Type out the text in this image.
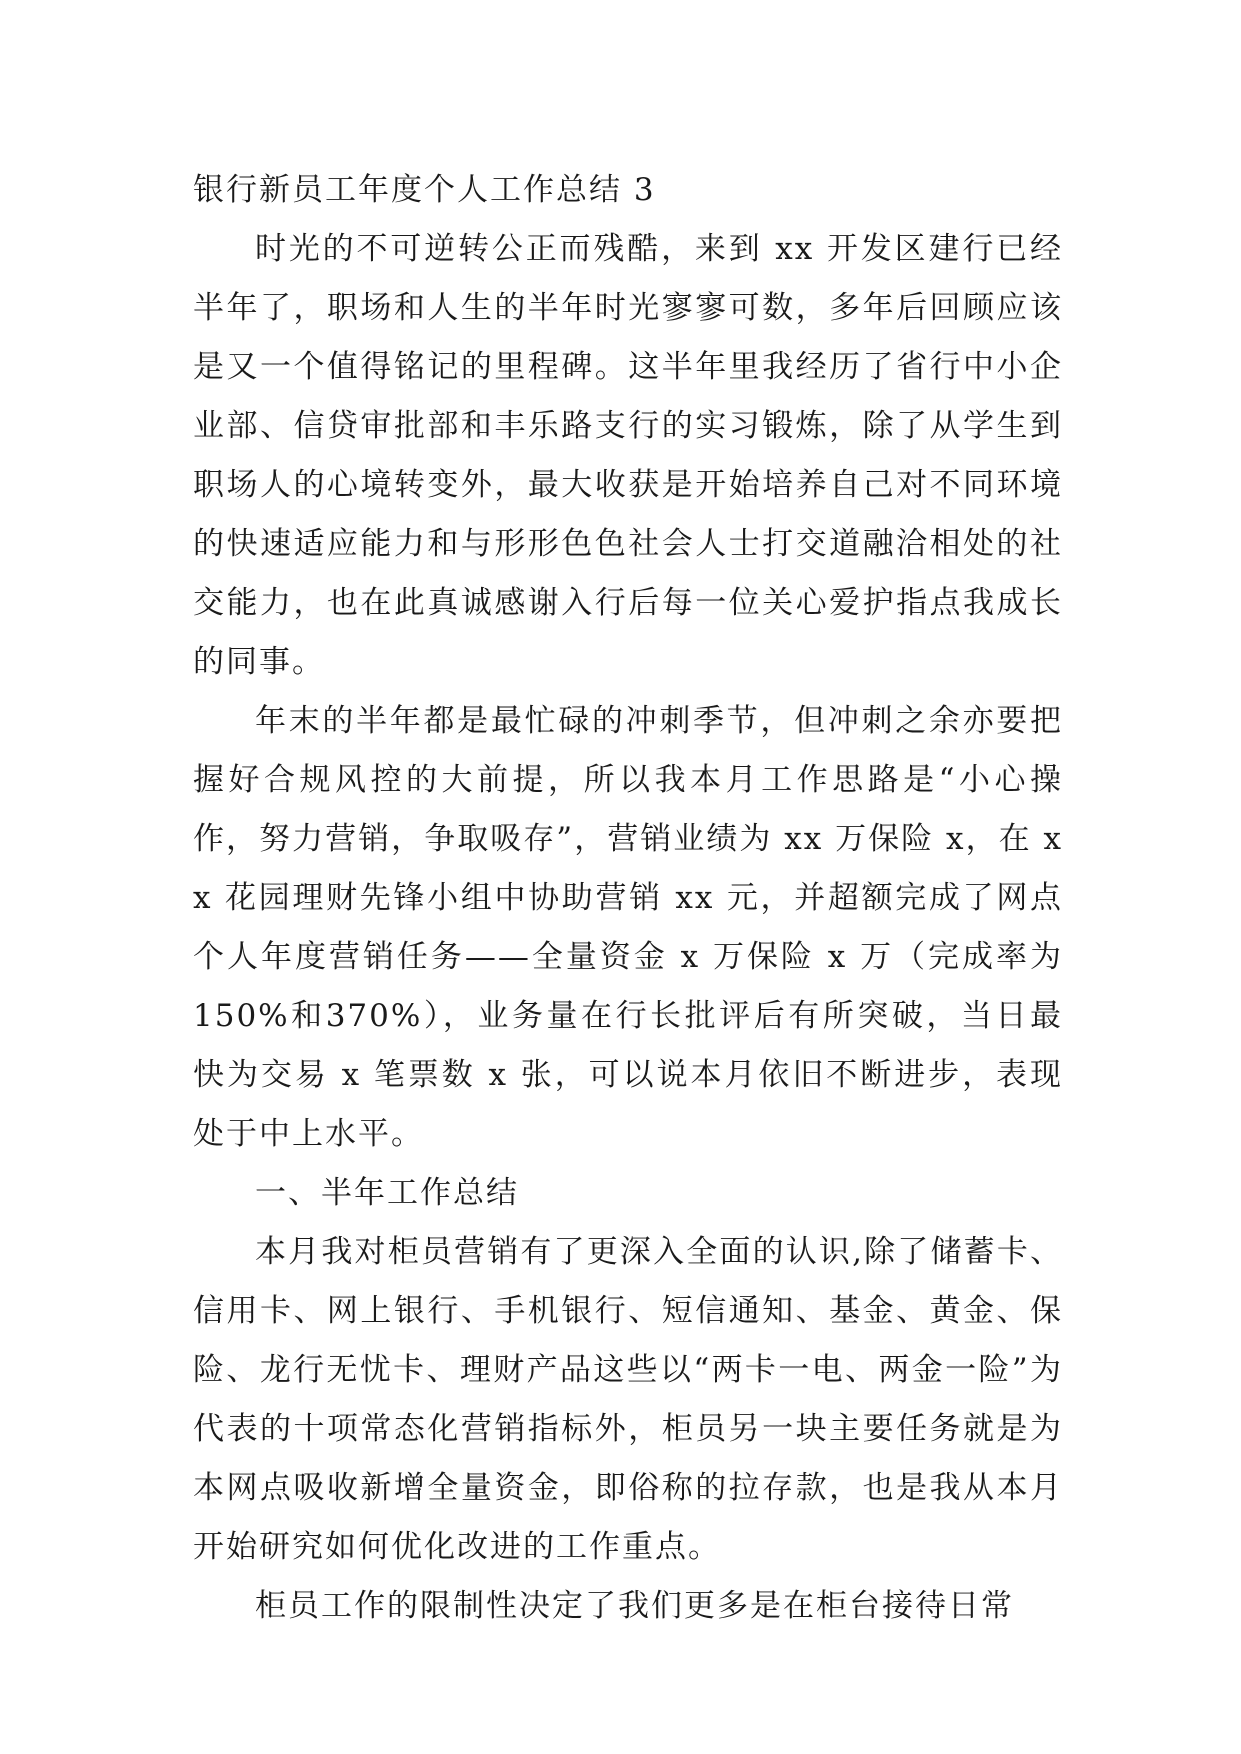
银行新员工年度个人工作总结 3

时光的不可逆转公正而残酷，来到 xx 开发区建行已经半年了，职场和人生的半年时光寥寥可数，多年后回顾应该是又一个值得铭记的里程碑。这半年里我经历了省行中小企业部、信贷审批部和丰乐路支行的实习锻炼，除了从学生到职场人的心境转变外，最大收获是开始培养自己对不同环境的快速适应能力和与形形色色社会人士打交道融洽相处的社交能力，也在此真诚感谢入行后每一位关心爱护指点我成长的同事。

年末的半年都是最忙碌的冲刺季节，但冲刺之余亦要把握好合规风控的大前提，所以我本月工作思路是“小心操作，努力营销，争取吸存”，营销业绩为 xx 万保险 x，在 xx 花园理财先锋小组中协助营销 xx 元，并超额完成了网点个人年度营销任务——全量资金 x 万保险 x 万（完成率为 150%和370%），业务量在行长批评后有所突破，当日最快为交易 x 笔票数 x 张，可以说本月依旧不断进步，表现处于中上水平。

一、半年工作总结

本月我对柜员营销有了更深入全面的认识,除了储蓄卡、信用卡、网上银行、手机银行、短信通知、基金、黄金、保险、龙行无忧卡、理财产品这些以“两卡一电、两金一险”为代表的十项常态化营销指标外，柜员另一块主要任务就是为本网点吸收新增全量资金，即俗称的拉存款，也是我从本月开始研究如何优化改进的工作重点。

柜员工作的限制性决定了我们更多是在柜台接待日常
